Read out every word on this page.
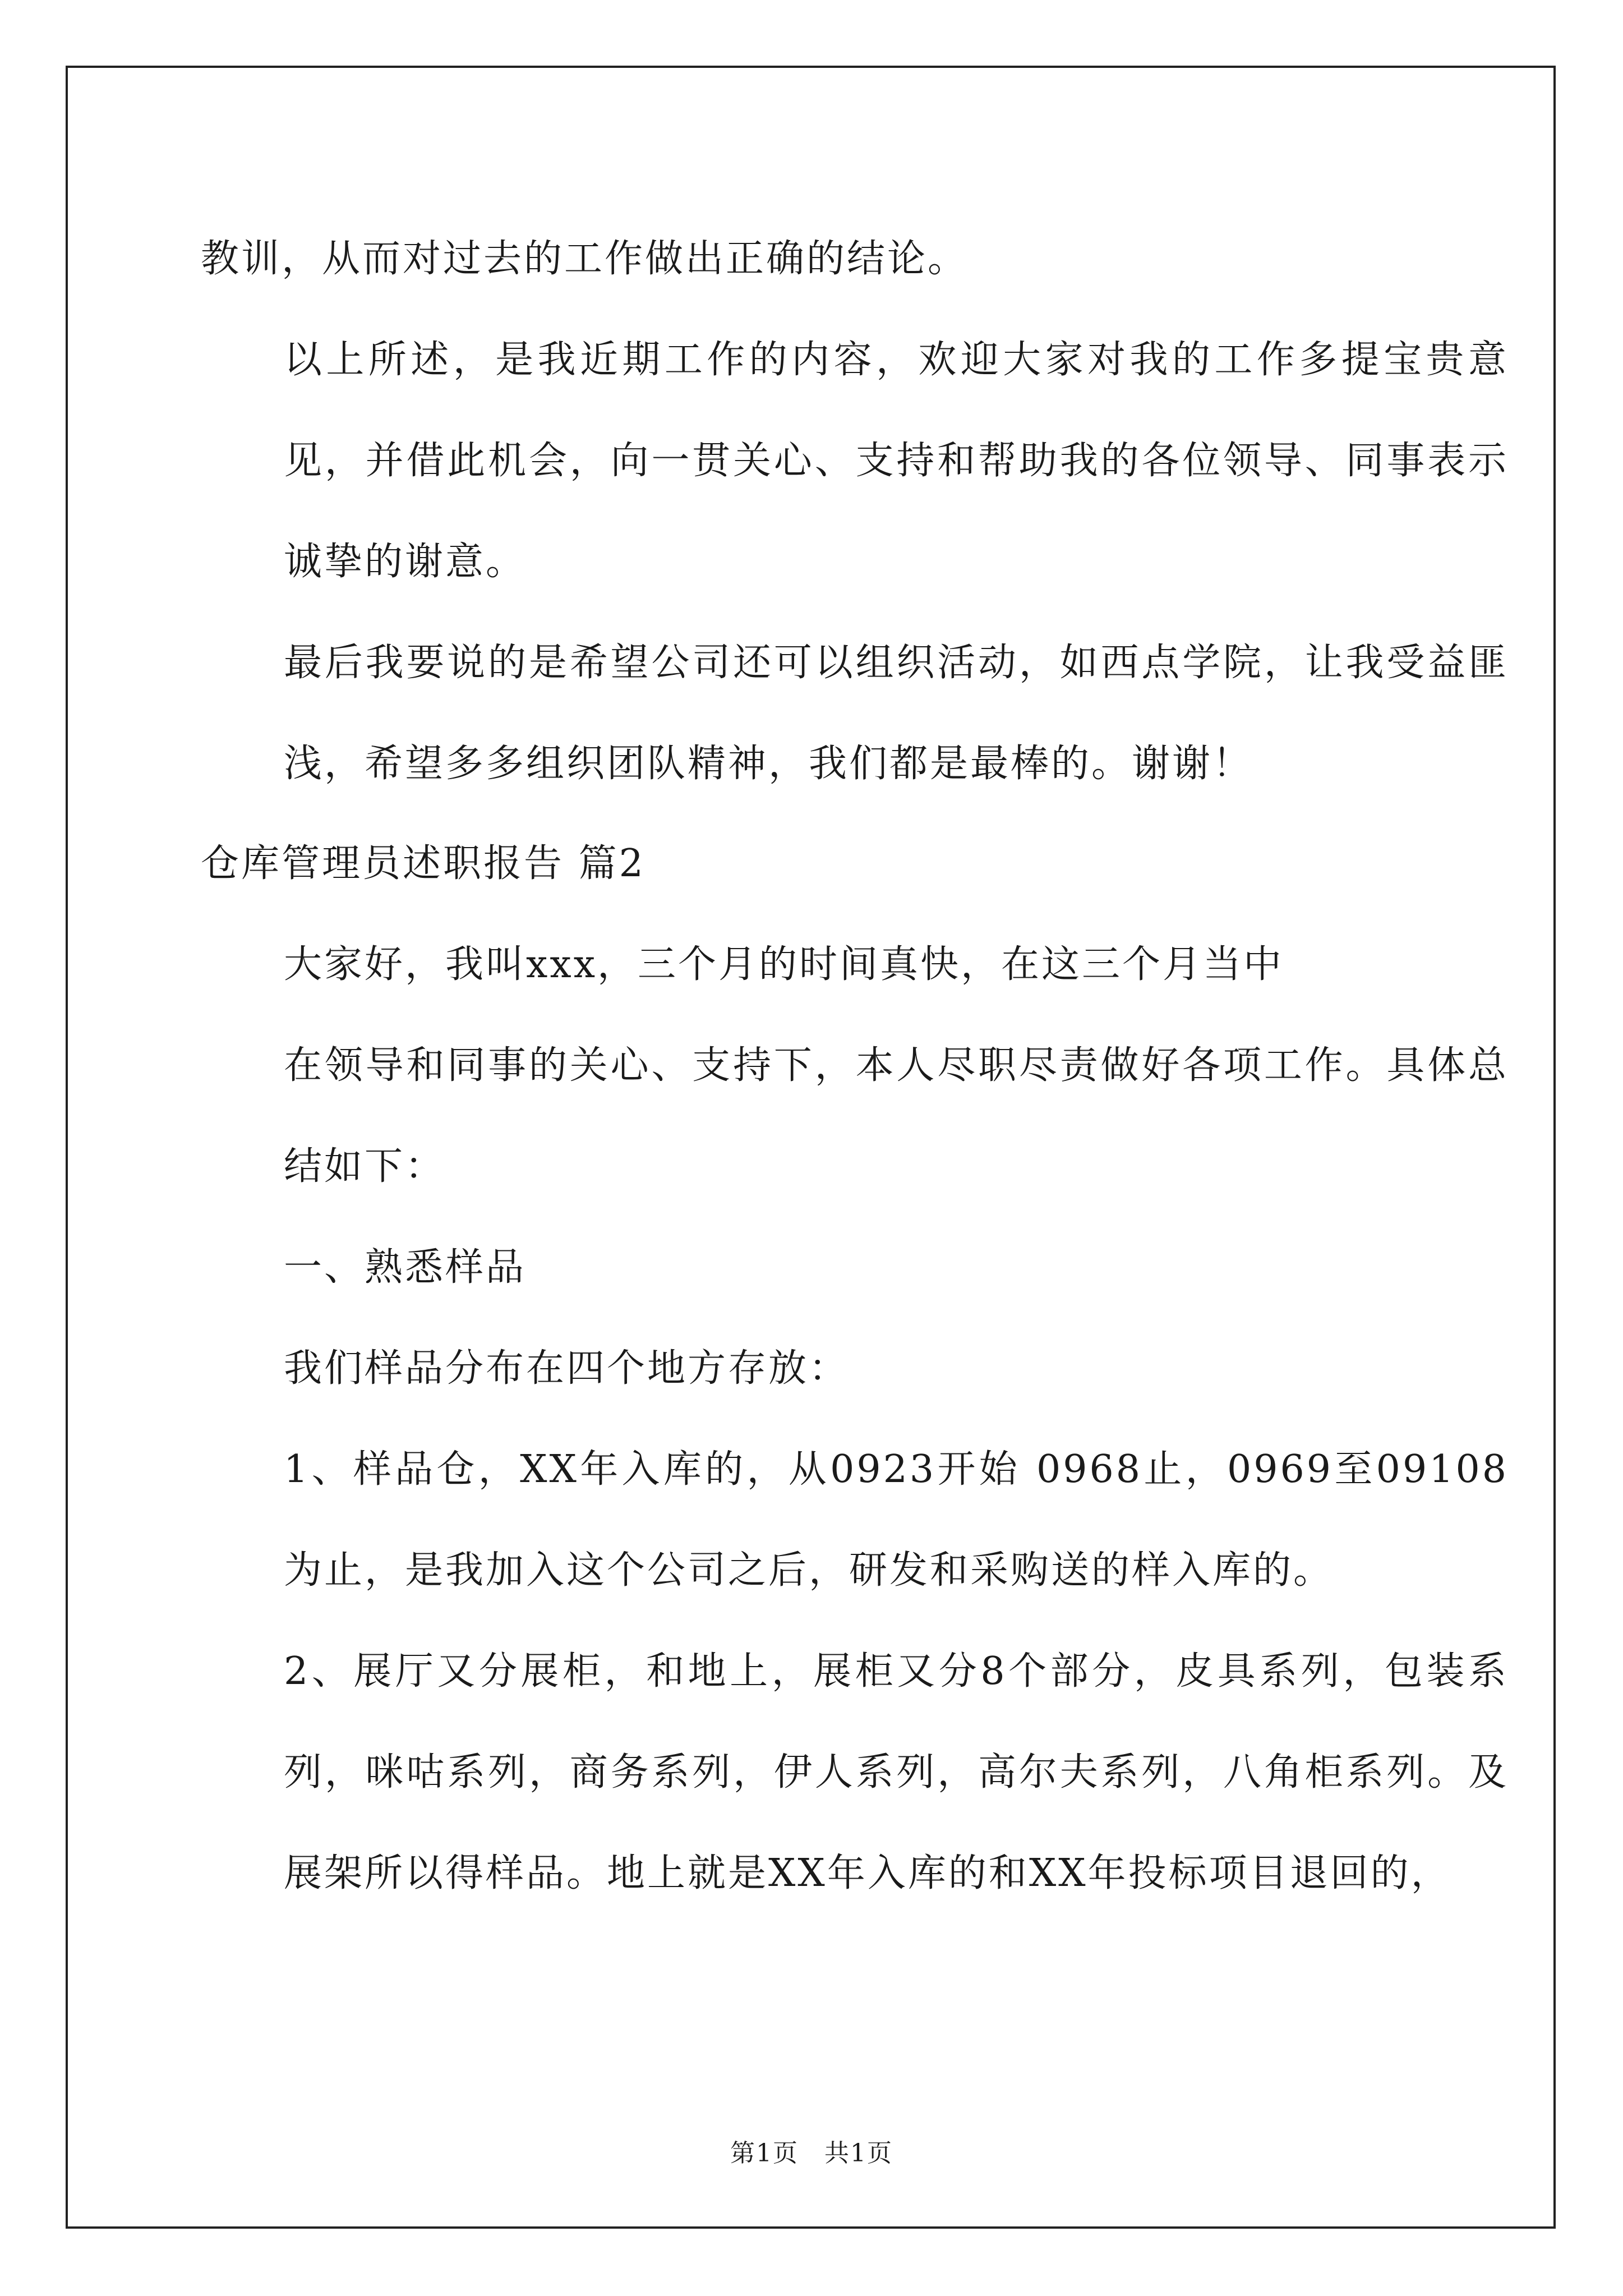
教训，从而对过去的工作做出正确的结论。

以上所述，是我近期工作的内容，欢迎大家对我的工作多提宝贵意见，并借此机会，向一贯关心、支持和帮助我的各位领导、同事表示诚挚的谢意。

最后我要说的是希望公司还可以组织活动，如西点学院，让我受益匪浅，希望多多组织团队精神，我们都是最棒的。谢谢！

仓库管理员述职报告 篇2

大家好，我叫xxx，三个月的时间真快，在这三个月当中

在领导和同事的关心、支持下，本人尽职尽责做好各项工作。具体总结如下：

一、熟悉样品

我们样品分布在四个地方存放：

1、样品仓，XX年入库的，从0923开始 0968止，0969至09108为止，是我加入这个公司之后，研发和采购送的样入库的。

2、展厅又分展柜，和地上，展柜又分8个部分，皮具系列，包装系列，咪咕系列，商务系列，伊人系列，高尔夫系列，八角柜系列。及展架所以得样品。地上就是XX年入库的和XX年投标项目退回的，

第1页　共1页
